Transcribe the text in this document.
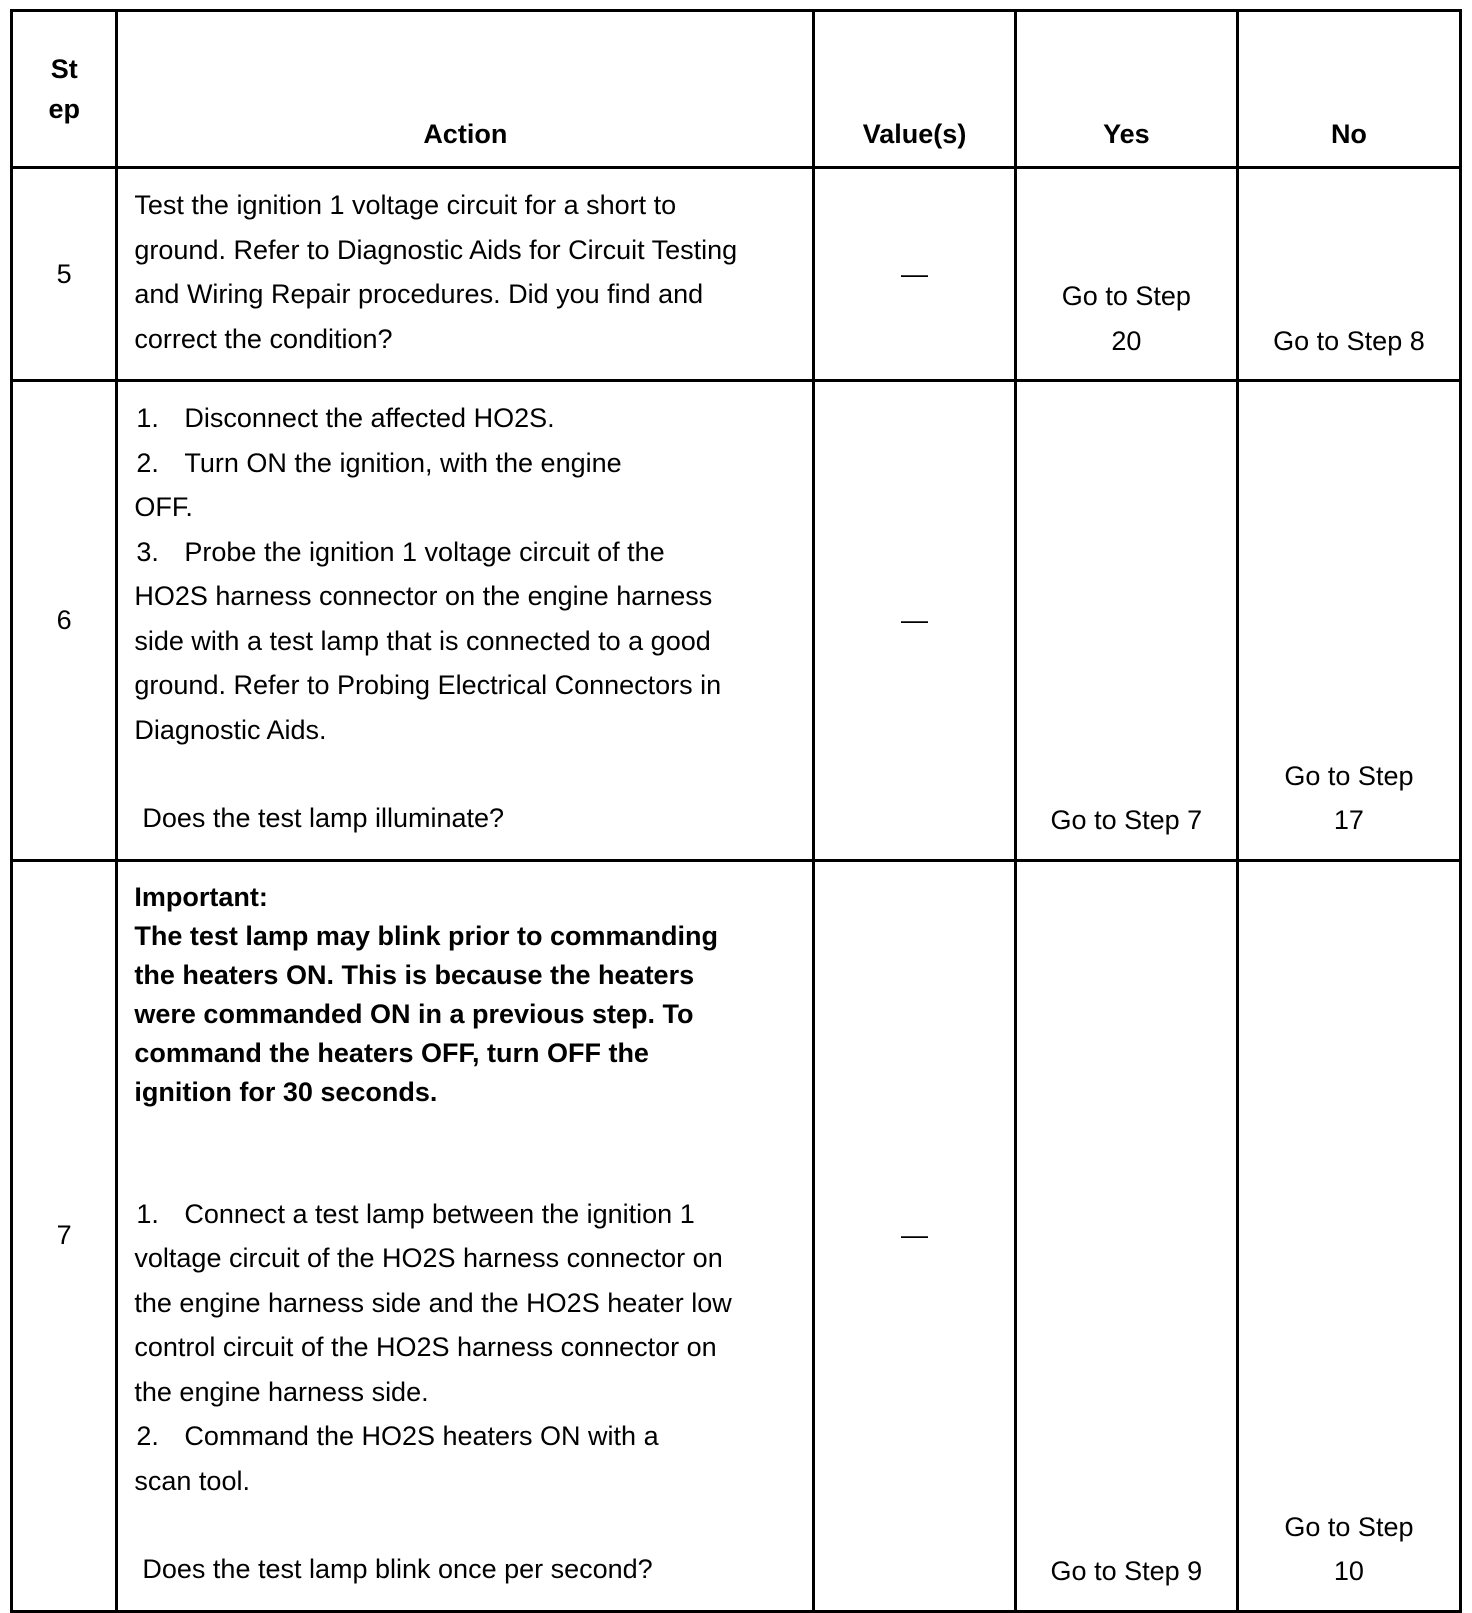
St
ep	Action	Value(s)	Yes	No
5	Test the ignition 1 voltage circuit for a short to ground. Refer to Diagnostic Aids for Circuit Testing and Wiring Repair procedures. Did you find and correct the condition?	—	Go to Step 20	Go to Step 8
6	1. Disconnect the affected HO2S.
2. Turn ON the ignition, with the engine OFF.
3. Probe the ignition 1 voltage circuit of the HO2S harness connector on the engine harness side with a test lamp that is connected to a good ground. Refer to Probing Electrical Connectors in Diagnostic Aids.
Does the test lamp illuminate?	—	Go to Step 7	Go to Step 17
7	Important:
The test lamp may blink prior to commanding the heaters ON. This is because the heaters were commanded ON in a previous step. To command the heaters OFF, turn OFF the ignition for 30 seconds.
1. Connect a test lamp between the ignition 1 voltage circuit of the HO2S harness connector on the engine harness side and the HO2S heater low control circuit of the HO2S harness connector on the engine harness side.
2. Command the HO2S heaters ON with a scan tool.
Does the test lamp blink once per second?	—	Go to Step 9	Go to Step 10
